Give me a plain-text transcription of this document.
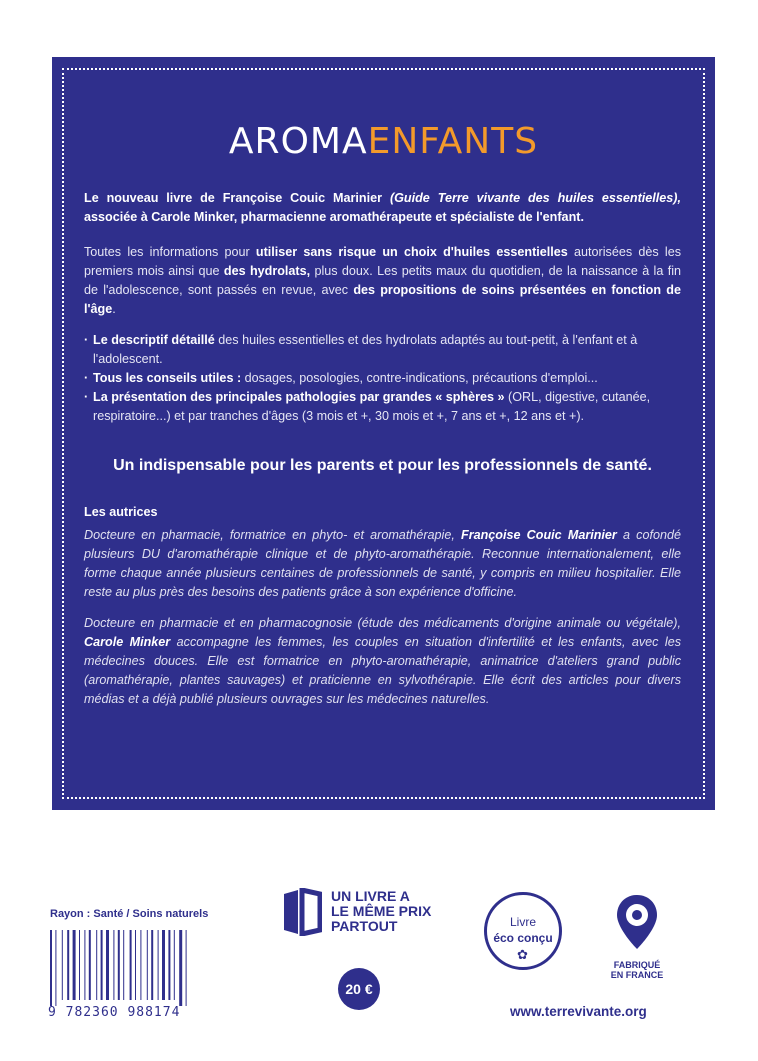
AROMAENFANTS

Le nouveau livre de Françoise Couic Marinier (Guide Terre vivante des huiles essentielles), associée à Carole Minker, pharmacienne aromathérapeute et spécialiste de l'enfant.

Toutes les informations pour utiliser sans risque un choix d'huiles essentielles autorisées dès les premiers mois ainsi que des hydrolats, plus doux. Les petits maux du quotidien, de la naissance à la fin de l'adolescence, sont passés en revue, avec des propositions de soins présentées en fonction de l'âge.

· Le descriptif détaillé des huiles essentielles et des hydrolats adaptés au tout-petit, à l'enfant et à l'adolescent.
· Tous les conseils utiles : dosages, posologies, contre-indications, précautions d'emploi...
· La présentation des principales pathologies par grandes « sphères » (ORL, digestive, cutanée, respiratoire...) et par tranches d'âges (3 mois et +, 30 mois et +, 7 ans et +, 12 ans et +).

Un indispensable pour les parents et pour les professionnels de santé.

Les autrices

Docteure en pharmacie, formatrice en phyto- et aromathérapie, Françoise Couic Marinier a cofondé plusieurs DU d'aromathérapie clinique et de phyto-aromathérapie. Reconnue internationalement, elle forme chaque année plusieurs centaines de professionnels de santé, y compris en milieu hospitalier. Elle reste au plus près des besoins des patients grâce à son expérience d'officine.

Docteure en pharmacie et en pharmacognosie (étude des médicaments d'origine animale ou végétale), Carole Minker accompagne les femmes, les couples en situation d'infertilité et les enfants, avec les médecines douces. Elle est formatrice en phyto-aromathérapie, animatrice d'ateliers grand public (aromathérapie, plantes sauvages) et praticienne en sylvothérapie. Elle écrit des articles pour divers médias et a déjà publié plusieurs ouvrages sur les médecines naturelles.

Rayon : Santé / Soins naturels
9 782360 988174
UN LIVRE A
LE MÊME PRIX
PARTOUT
20 €
Livre
éco conçu
✿
FABRIQUÉ
EN FRANCE
www.terrevivante.org
